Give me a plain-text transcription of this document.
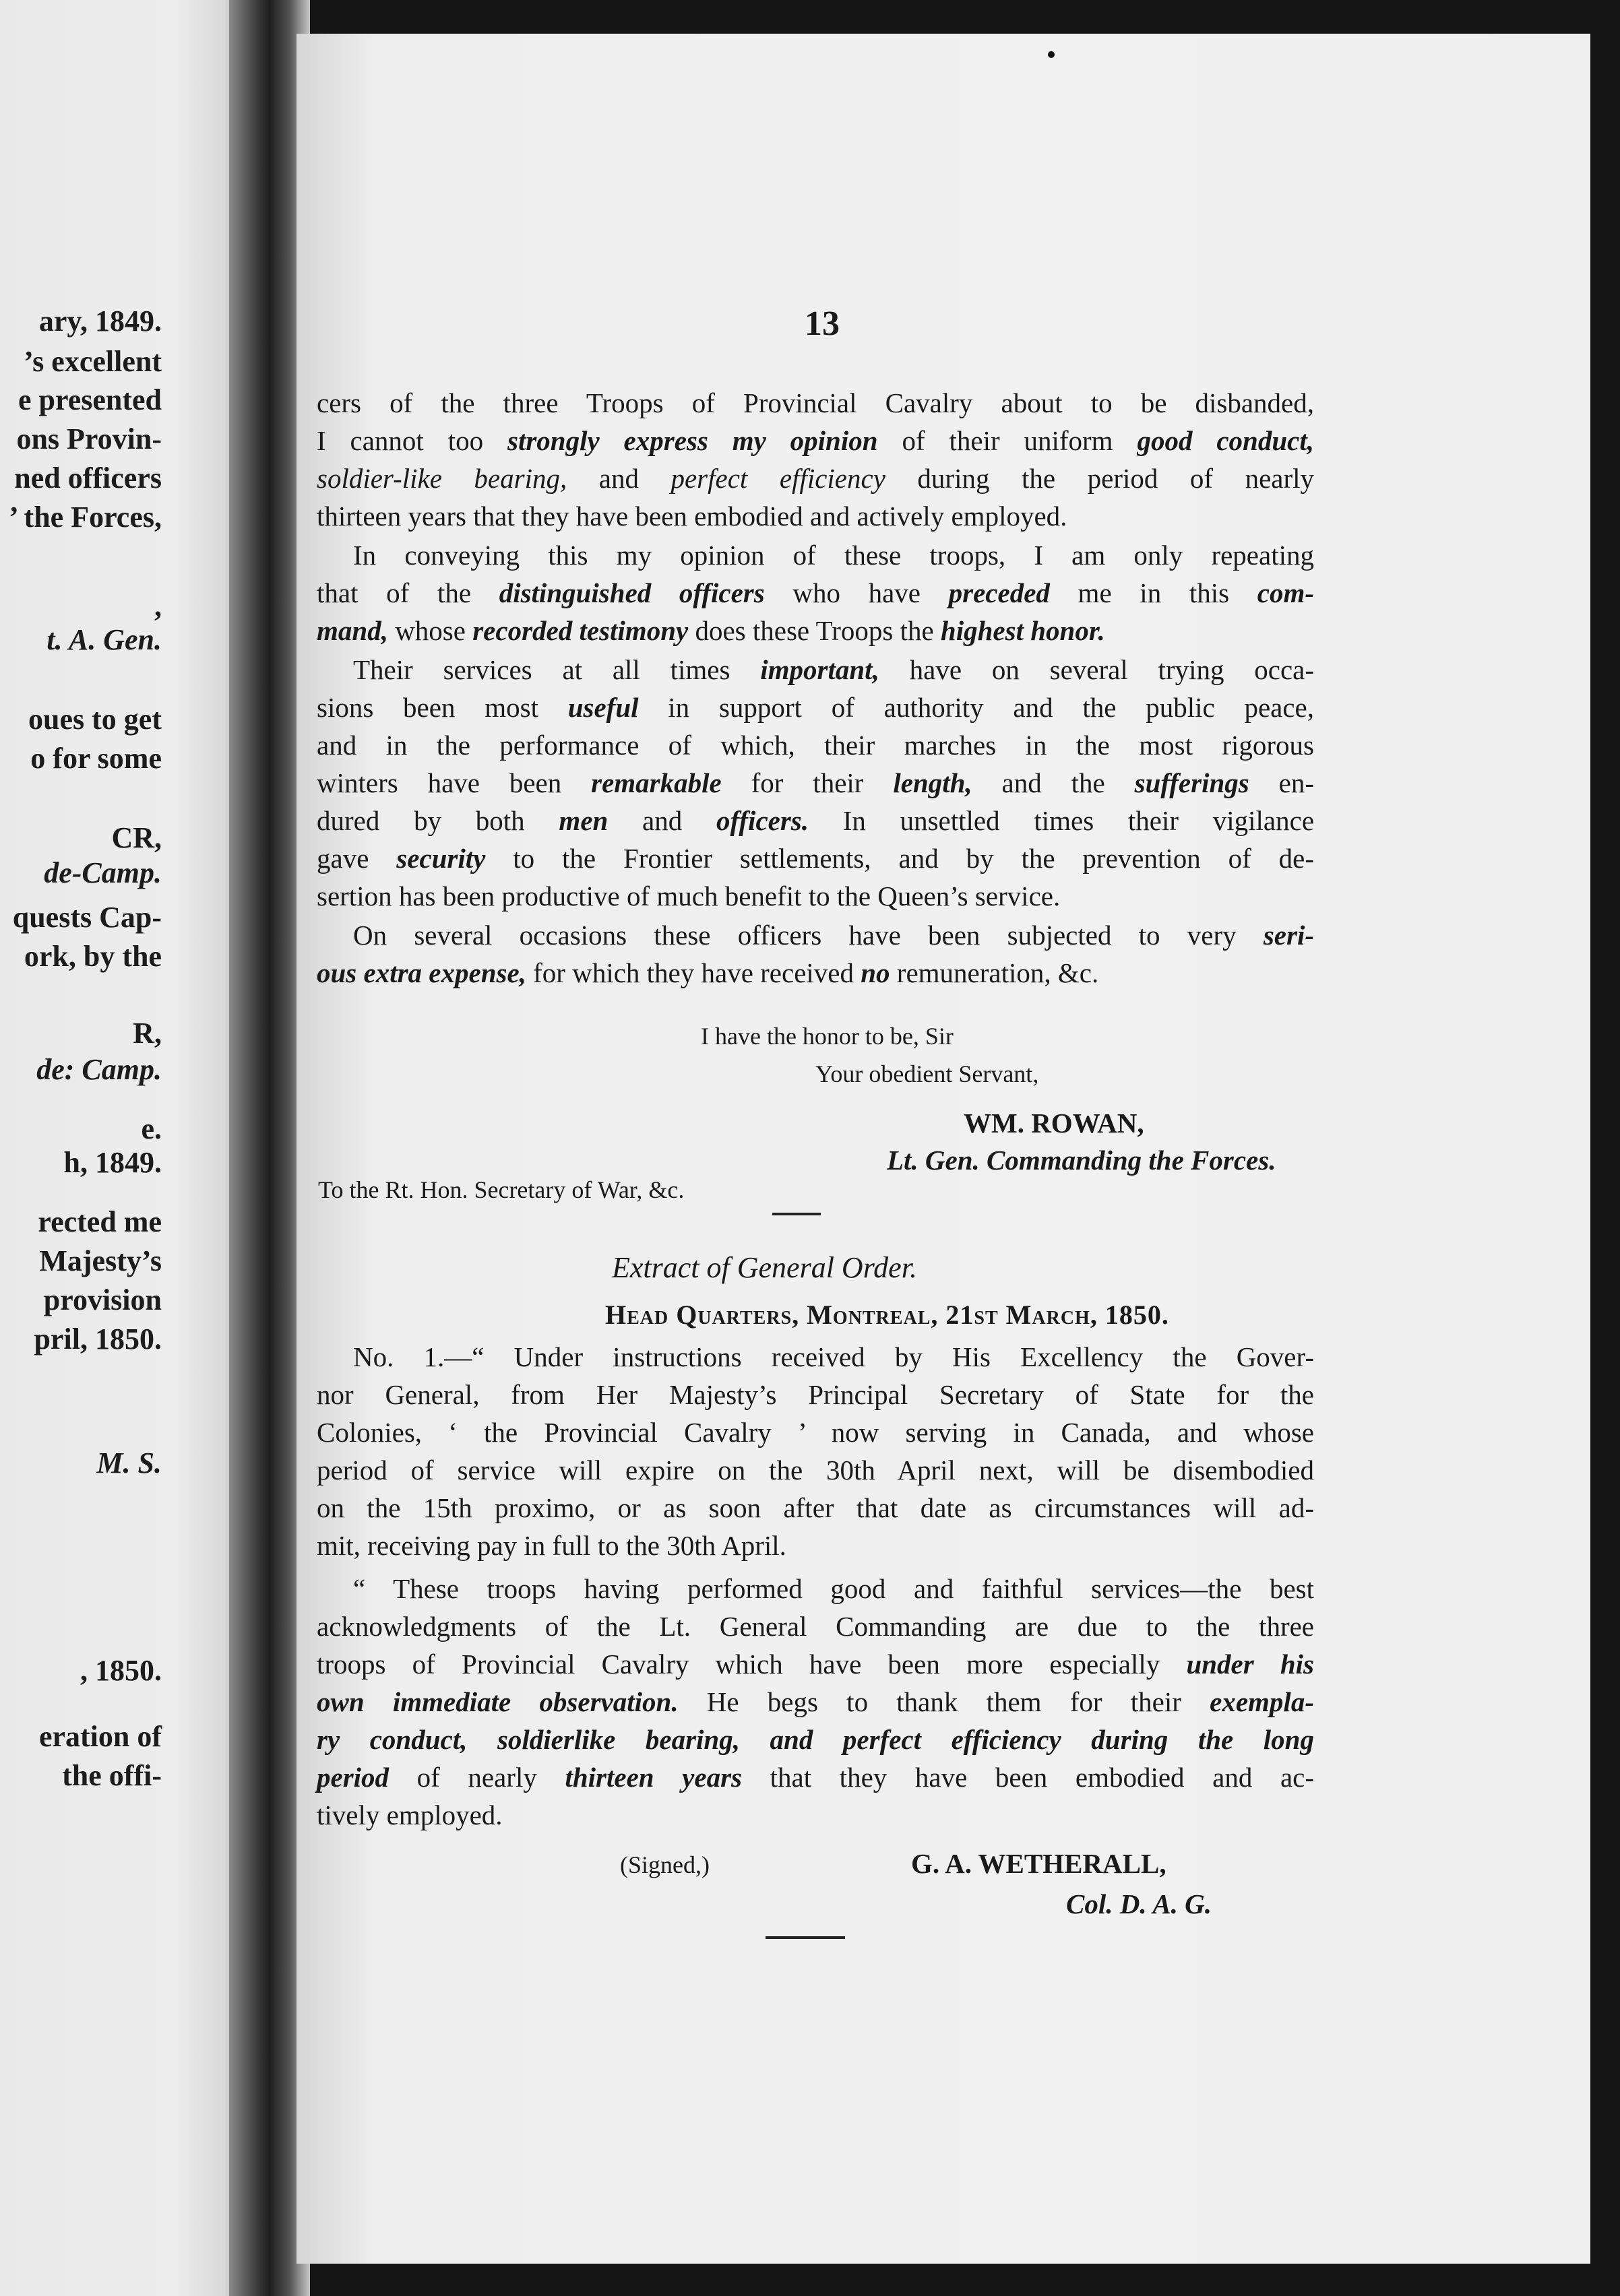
ary, 1849.
’s excellent
e presented
ons Provin-
ned officers
’ the Forces,
,
t. A. Gen.
oues to get
o for some
CR,
de-Camp.
quests Cap-
ork, by the
R,
de: Camp.
e.
h, 1849.
rected me
Majesty’s
provision
pril, 1850.
M. S.
, 1850.
eration of
the offi-
13
cers of the three Troops of Provincial Cavalry about to be disbanded,
I cannot too strongly express my opinion of their uniform good conduct,
soldier-like bearing, and perfect efficiency during the period of nearly
thirteen years that they have been embodied and actively employed.
In conveying this my opinion of these troops, I am only repeating
that of the distinguished officers who have preceded me in this com-
mand, whose recorded testimony does these Troops the highest honor.
Their services at all times important, have on several trying occa-
sions been most useful in support of authority and the public peace,
and in the performance of which, their marches in the most rigorous
winters have been remarkable for their length, and the sufferings en-
dured by both men and officers. In unsettled times their vigilance
gave security to the Frontier settlements, and by the prevention of de-
sertion has been productive of much benefit to the Queen’s service.
On several occasions these officers have been subjected to very seri-
ous extra expense, for which they have received no remuneration, &c.
I have the honor to be, Sir
Your obedient Servant,
WM. ROWAN,
Lt. Gen. Commanding the Forces.
To the Rt. Hon. Secretary of War, &c.
Extract of General Order.
Head Quarters, Montreal, 21st March, 1850.
No. 1.—“ Under instructions received by His Excellency the Gover-
nor General, from Her Majesty’s Principal Secretary of State for the
Colonies, ‘ the Provincial Cavalry ’ now serving in Canada, and whose
period of service will expire on the 30th April next, will be disembodied
on the 15th proximo, or as soon after that date as circumstances will ad-
mit, receiving pay in full to the 30th April.
“ These troops having performed good and faithful services—the best
acknowledgments of the Lt. General Commanding are due to the three
troops of Provincial Cavalry which have been more especially under his
own immediate observation. He begs to thank them for their exempla-
ry conduct, soldierlike bearing, and perfect efficiency during the long
period of nearly thirteen years that they have been embodied and ac-
tively employed.
(Signed,)	G. A. WETHERALL,
Col. D. A. G.
